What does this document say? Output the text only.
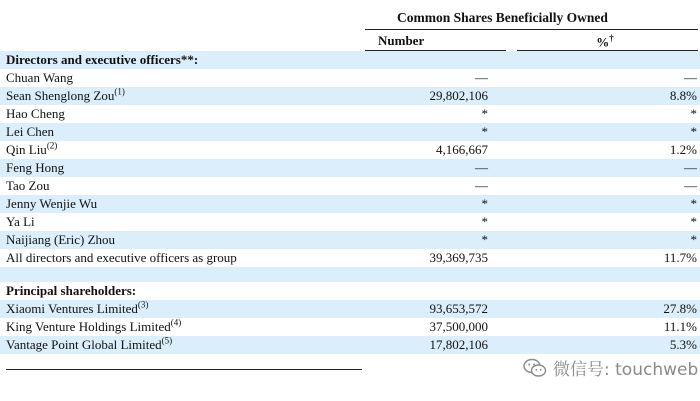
Common Shares Beneficially Owned
Number	%†
Directors and executive officers**:
Chuan Wang	—	—
Sean Shenglong Zou$^{(1)}$	29,802,106	8.8%
Hao Cheng	*	*
Lei Chen	*	*
Qin Liu$^{(2)}$	4,166,667	1.2%
Feng Hong	—	—
Tao Zou	—	—
Jenny Wenjie Wu	*	*
Ya Li	*	*
Naijiang (Eric) Zhou	*	*
All directors and executive officers as group	39,369,735	11.7%
Principal shareholders:
Xiaomi Ventures Limited$^{(3)}$	93,653,572	27.8%
King Venture Holdings Limited$^{(4)}$	37,500,000	11.1%
Vantage Point Global Limited$^{(5)}$	17,802,106	5.3%
微信号: touchweb
